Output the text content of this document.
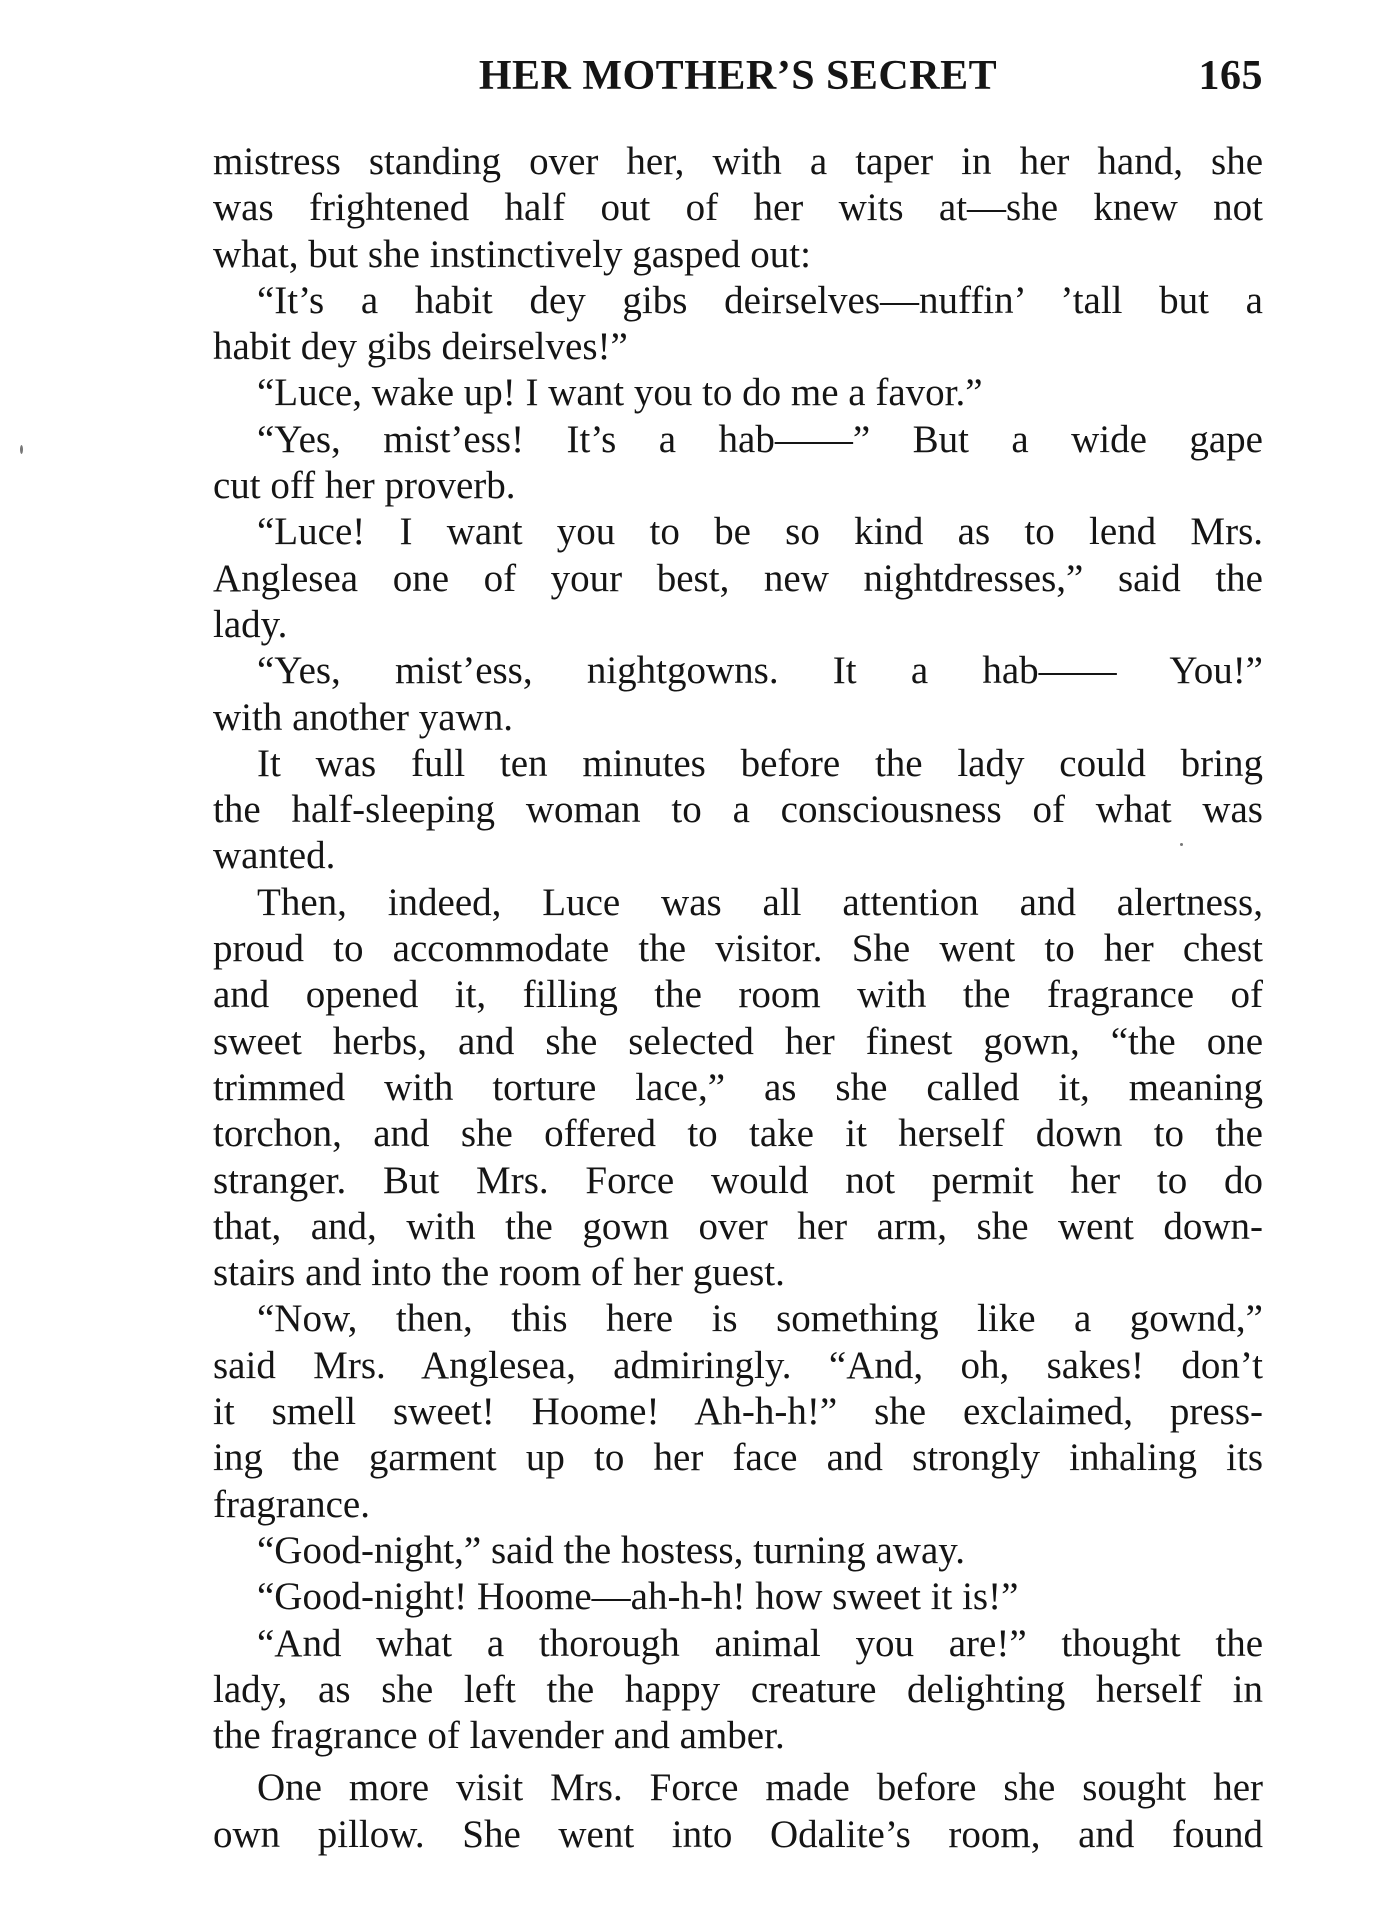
HER MOTHER’S SECRET	165
mistress standing over her, with a taper in her hand, she
was frightened half out of her wits at—she knew not
what, but she instinctively gasped out:
“It’s a habit dey gibs deirselves—nuffin’ ’tall but a
habit dey gibs deirselves!”
“Luce, wake up! I want you to do me a favor.”
“Yes, mist’ess! It’s a hab——” But a wide gape
cut off her proverb.
“Luce! I want you to be so kind as to lend Mrs.
Anglesea one of your best, new nightdresses,” said the
lady.
“Yes, mist’ess, nightgowns. It a hab—— You!”
with another yawn.
It was full ten minutes before the lady could bring
the half-sleeping woman to a consciousness of what was
wanted.
Then, indeed, Luce was all attention and alertness,
proud to accommodate the visitor. She went to her chest
and opened it, filling the room with the fragrance of
sweet herbs, and she selected her finest gown, “the one
trimmed with torture lace,” as she called it, meaning
torchon, and she offered to take it herself down to the
stranger. But Mrs. Force would not permit her to do
that, and, with the gown over her arm, she went down-
stairs and into the room of her guest.
“Now, then, this here is something like a gownd,”
said Mrs. Anglesea, admiringly. “And, oh, sakes! don’t
it smell sweet! Hoome! Ah-h-h!” she exclaimed, press-
ing the garment up to her face and strongly inhaling its
fragrance.
“Good-night,” said the hostess, turning away.
“Good-night! Hoome—ah-h-h! how sweet it is!”
“And what a thorough animal you are!” thought the
lady, as she left the happy creature delighting herself in
the fragrance of lavender and amber.
One more visit Mrs. Force made before she sought her
own pillow. She went into Odalite’s room, and found
